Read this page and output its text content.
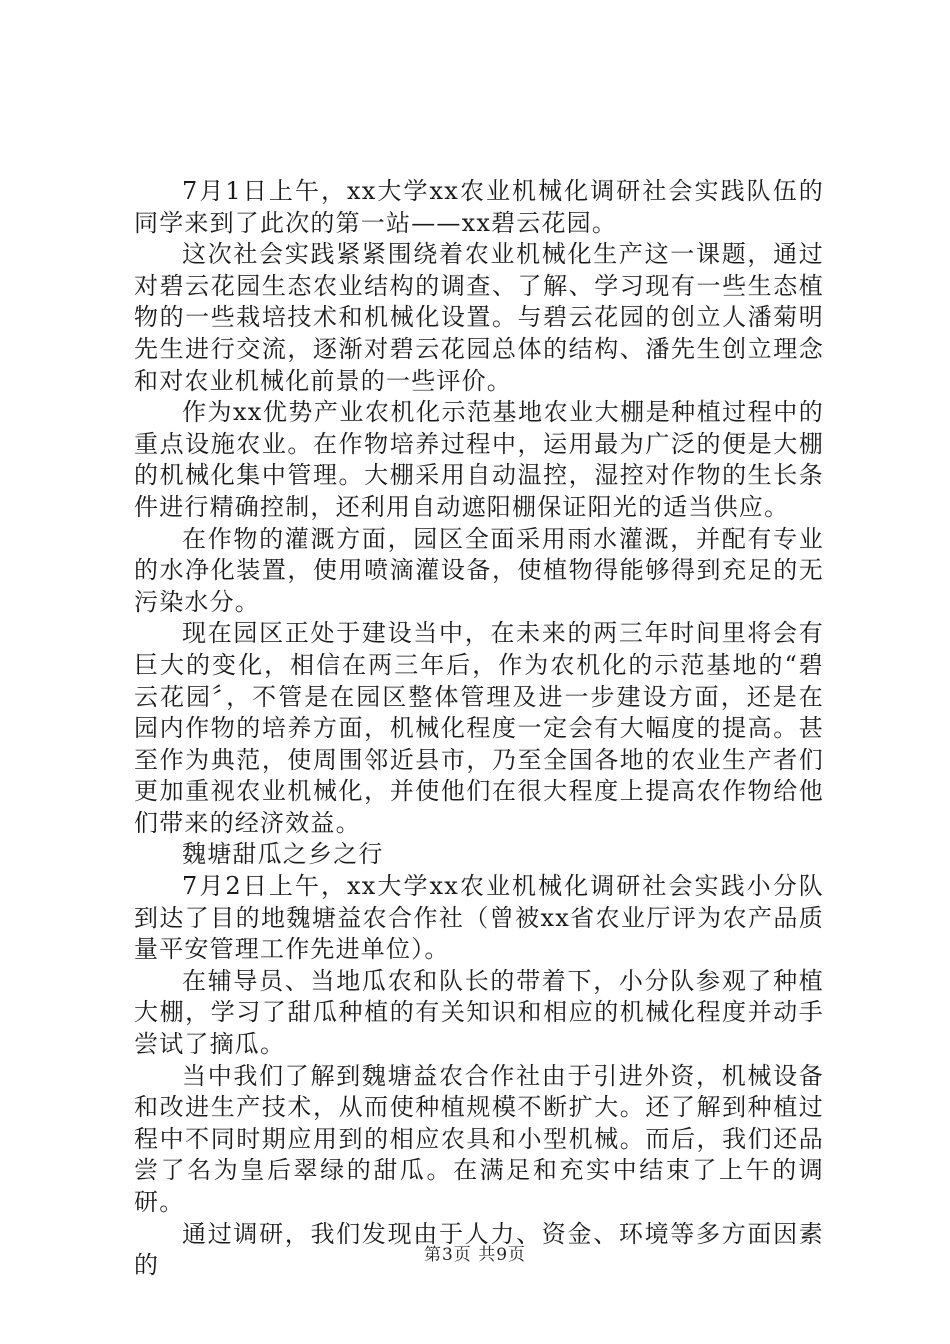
7月1日上午，xx大学xx农业机械化调研社会实践队伍的同学来到了此次的第一站——xx碧云花园。

这次社会实践紧紧围绕着农业机械化生产这一课题，通过对碧云花园生态农业结构的调查、了解、学习现有一些生态植物的一些栽培技术和机械化设置。与碧云花园的创立人潘菊明先生进行交流，逐渐对碧云花园总体的结构、潘先生创立理念和对农业机械化前景的一些评价。

作为xx优势产业农机化示范基地农业大棚是种植过程中的重点设施农业。在作物培养过程中，运用最为广泛的便是大棚的机械化集中管理。大棚采用自动温控，湿控对作物的生长条件进行精确控制，还利用自动遮阳棚保证阳光的适当供应。

在作物的灌溉方面，园区全面采用雨水灌溉，并配有专业的水净化装置，使用喷滴灌设备，使植物得能够得到充足的无污染水分。

现在园区正处于建设当中，在未来的两三年时间里将会有巨大的变化，相信在两三年后，作为农机化的示范基地的“碧云花园〞，不管是在园区整体管理及进一步建设方面，还是在园内作物的培养方面，机械化程度一定会有大幅度的提高。甚至作为典范，使周围邻近县市，乃至全国各地的农业生产者们更加重视农业机械化，并使他们在很大程度上提高农作物给他们带来的经济效益。

魏塘甜瓜之乡之行

7月2日上午，xx大学xx农业机械化调研社会实践小分队到达了目的地魏塘益农合作社（曾被xx省农业厅评为农产品质量平安管理工作先进单位）。

在辅导员、当地瓜农和队长的带着下，小分队参观了种植大棚，学习了甜瓜种植的有关知识和相应的机械化程度并动手尝试了摘瓜。

当中我们了解到魏塘益农合作社由于引进外资，机械设备和改进生产技术，从而使种植规模不断扩大。还了解到种植过程中不同时期应用到的相应农具和小型机械。而后，我们还品尝了名为皇后翠绿的甜瓜。在满足和充实中结束了上午的调研。

通过调研，我们发现由于人力、资金、环境等多方面因素的	第3页 共9页
